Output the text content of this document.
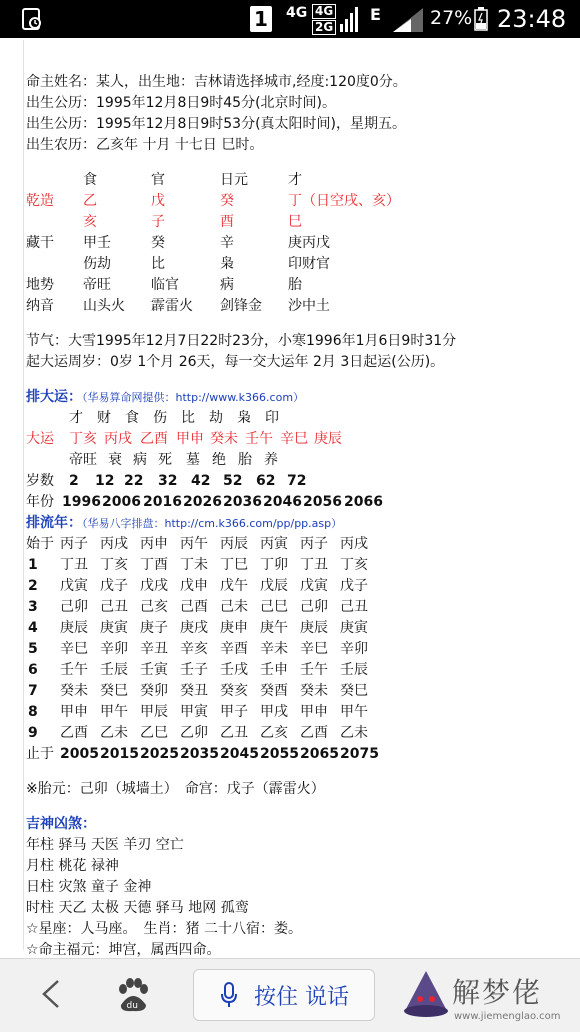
1 4G 4G
2G
E	27% 23:48
命主姓名：某人，出生地：吉林请选择城市,经度:120度0分。
出生公历：1995年12月8日9时45分(北京时间)。
出生公历：1995年12月8日9时53分(真太阳时间)，星期五。
出生农历：乙亥年 十月 十七日 巳时。
食	官	日元	才
乾造 乙	戊	癸	丁（日空戌、亥）
亥	子	酉	巳
藏干 甲壬	癸	辛	庚丙戊
伤劫	比	枭	印财官
地势 帝旺	临官	病	胎
纳音 山头火 霹雷火 剑锋金 沙中土
节气：大雪1995年12月7日22时23分，小寒1996年1月6日9时31分
起大运周岁：0岁 1个月 26天，每一交大运年 2月 3日起运(公历)。
排大运：（华易算命网提供：http://www.k366.com）
才 财 食 伤 比 劫 枭 印
大运 丁亥 丙戌 乙酉 甲申 癸未 壬午 辛巳 庚辰
帝旺 衰 病 死 墓 绝 胎 养
岁数 2 12 22 32 42 52 62 72
年份 1996 2006 2016 2026 2036 2046 2056 2066
排流年：（华易八字排盘：http://cm.k366.com/pp/pp.asp）
始于 丙子 丙戌 丙申 丙午 丙辰 丙寅 丙子 丙戌
1 丁丑 丁亥 丁酉 丁未 丁巳 丁卯 丁丑 丁亥
2 戊寅 戊子 戊戌 戊申 戊午 戊辰 戊寅 戊子
3 己卯 己丑 己亥 己酉 己未 己巳 己卯 己丑
4 庚辰 庚寅 庚子 庚戌 庚申 庚午 庚辰 庚寅
5 辛巳 辛卯 辛丑 辛亥 辛酉 辛未 辛巳 辛卯
6 壬午 壬辰 壬寅 壬子 壬戌 壬申 壬午 壬辰
7 癸未 癸巳 癸卯 癸丑 癸亥 癸酉 癸未 癸巳
8 甲申 甲午 甲辰 甲寅 甲子 甲戌 甲申 甲午
9 乙酉 乙未 乙巳 乙卯 乙丑 乙亥 乙酉 乙未
止于 2005 2015 2025 2035 2045 2055 2065 2075
※胎元：己卯（城墙土）　命宫：戊子（霹雷火）
吉神凶煞：
年柱 驿马 天医 羊刃 空亡
月柱 桃花 禄神
日柱 灾煞 童子 金神
时柱 天乙 太极 天德 驿马 地网 孤鸾
☆星座：人马座。　生肖：猪 二十八宿：娄。
☆命主福元：坤宫，属西四命。
du	按住 说话	解梦佬
www.jiemenglao.com
